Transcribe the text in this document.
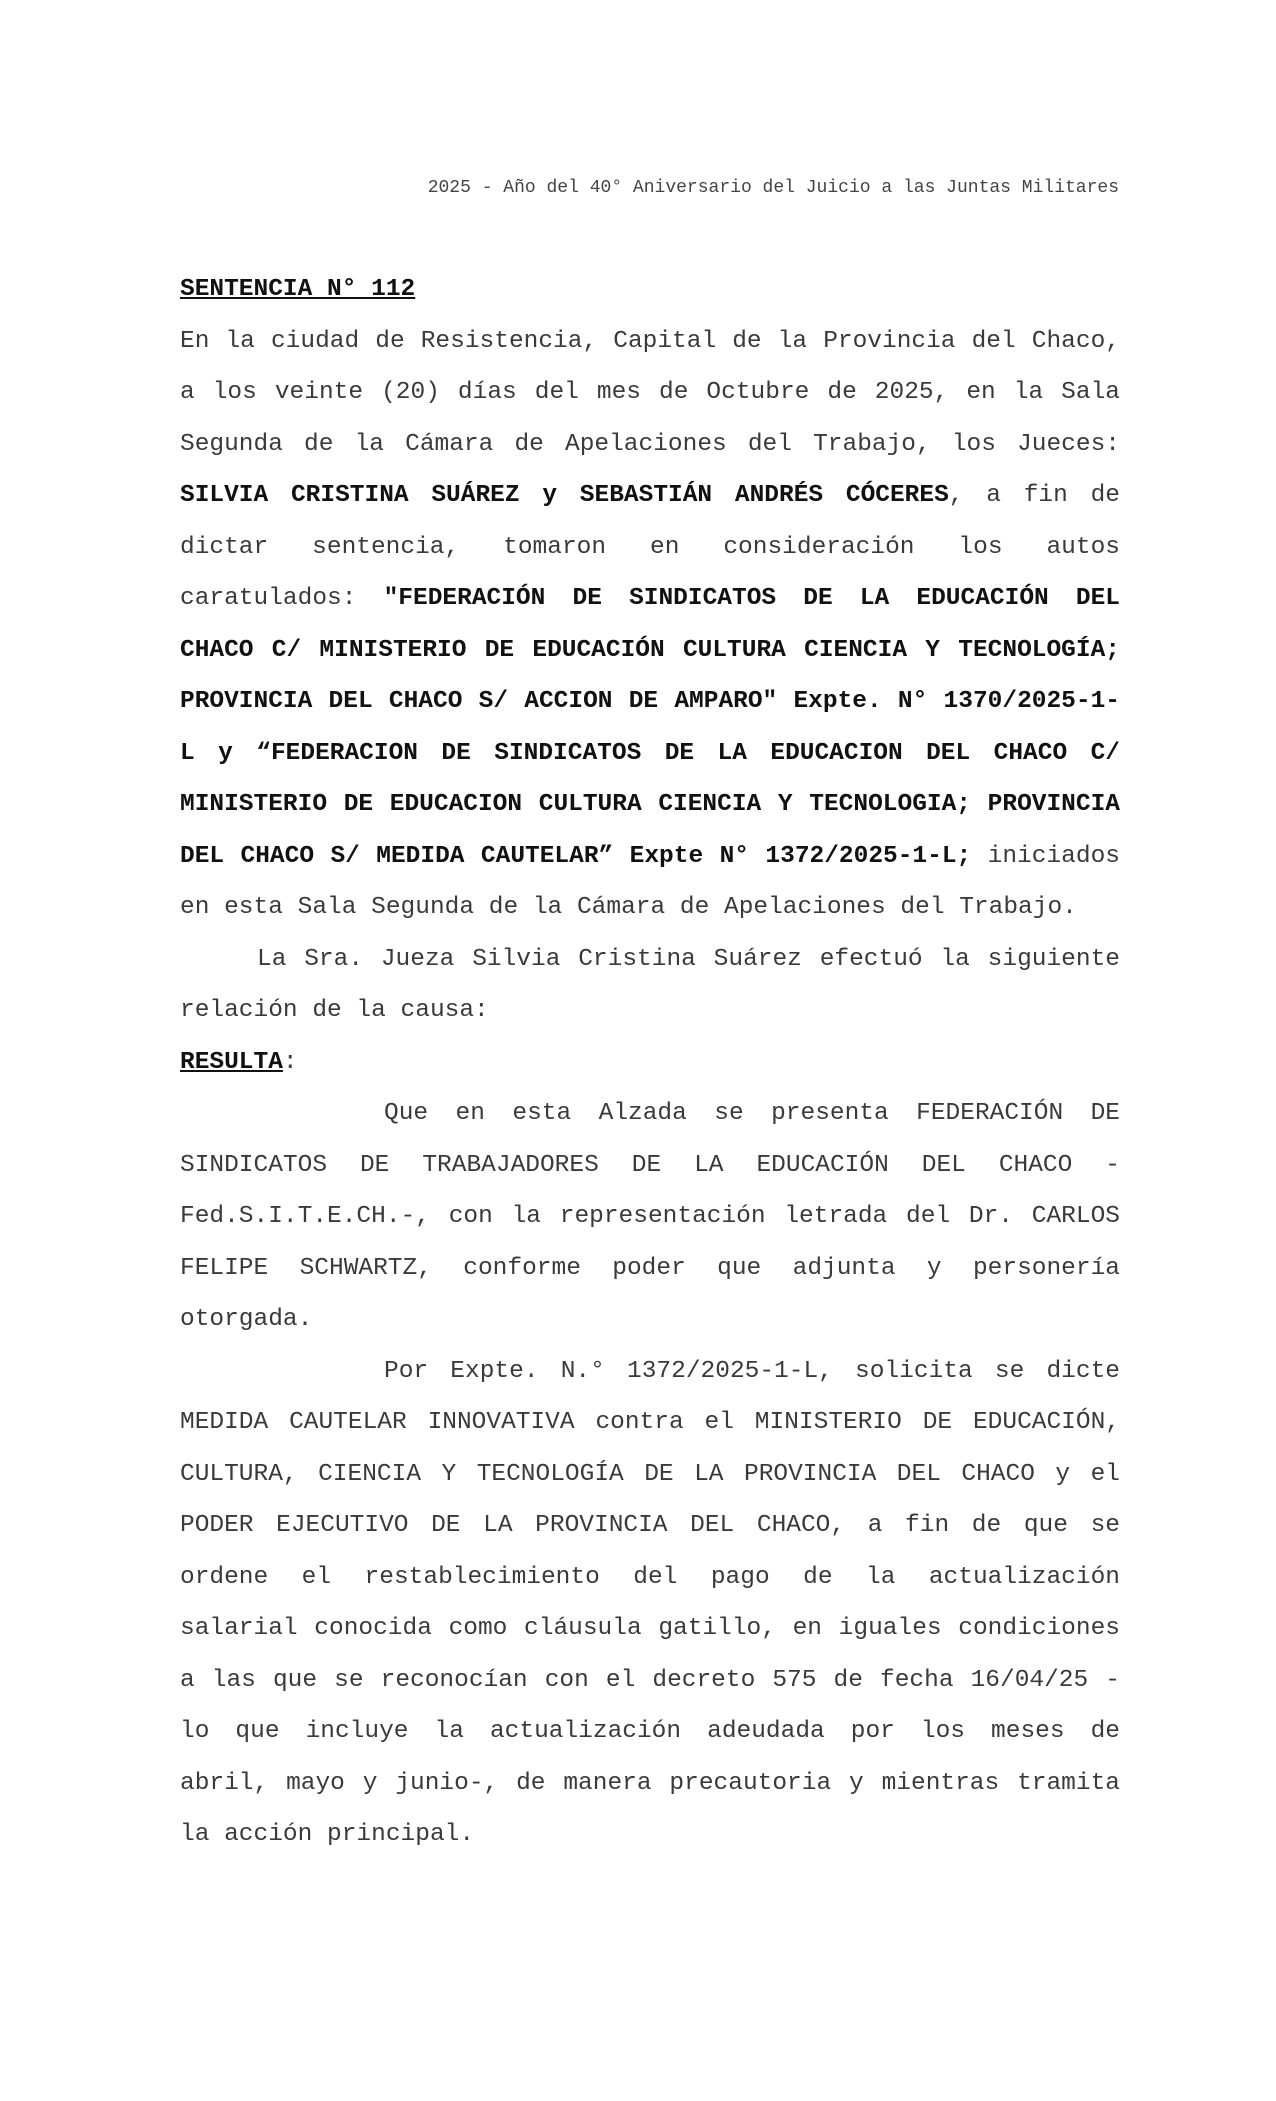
2025 - Año del 40° Aniversario del Juicio a las Juntas Militares

SENTENCIA N° 112

En la ciudad de Resistencia, Capital de la Provincia del Chaco, a los veinte (20) días del mes de Octubre de 2025, en la Sala Segunda de la Cámara de Apelaciones del Trabajo, los Jueces: SILVIA CRISTINA SUÁREZ y SEBASTIÁN ANDRÉS CÓCERES, a fin de dictar sentencia, tomaron en consideración los autos caratulados: "FEDERACIÓN DE SINDICATOS DE LA EDUCACIÓN DEL CHACO C/ MINISTERIO DE EDUCACIÓN CULTURA CIENCIA Y TECNOLOGÍA; PROVINCIA DEL CHACO S/ ACCION DE AMPARO" Expte. N° 1370/2025-1-L y “FEDERACION DE SINDICATOS DE LA EDUCACION DEL CHACO C/ MINISTERIO DE EDUCACION CULTURA CIENCIA Y TECNOLOGIA; PROVINCIA DEL CHACO S/ MEDIDA CAUTELAR” Expte N° 1372/2025-1-L; iniciados en esta Sala Segunda de la Cámara de Apelaciones del Trabajo.

La Sra. Jueza Silvia Cristina Suárez efectuó la siguiente relación de la causa:

RESULTA:

Que en esta Alzada se presenta FEDERACIÓN DE SINDICATOS DE TRABAJADORES DE LA EDUCACIÓN DEL CHACO -Fed.S.I.T.E.CH.-, con la representación letrada del Dr. CARLOS FELIPE SCHWARTZ, conforme poder que adjunta y personería otorgada.

Por Expte. N.° 1372/2025-1-L, solicita se dicte MEDIDA CAUTELAR INNOVATIVA contra el MINISTERIO DE EDUCACIÓN, CULTURA, CIENCIA Y TECNOLOGÍA DE LA PROVINCIA DEL CHACO y el PODER EJECUTIVO DE LA PROVINCIA DEL CHACO, a fin de que se ordene el restablecimiento del pago de la actualización salarial conocida como cláusula gatillo, en iguales condiciones a las que se reconocían con el decreto 575 de fecha 16/04/25 -lo que incluye la actualización adeudada por los meses de abril, mayo y junio-, de manera precautoria y mientras tramita la acción principal.
